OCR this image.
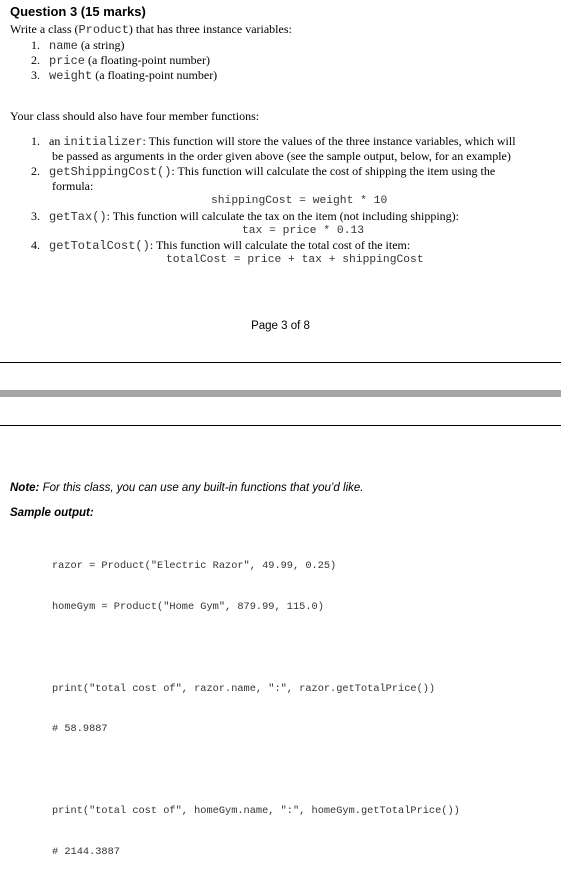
Question 3 (15 marks)
Write a class (Product) that has three instance variables:
1. name (a string)
2. price (a floating-point number)
3. weight (a floating-point number)
Your class should also have four member functions:
1. an initializer: This function will store the values of the three instance variables, which will
be passed as arguments in the order given above (see the sample output, below, for an example)
2. getShippingCost(): This function will calculate the cost of shipping the item using the
formula:
shippingCost = weight * 10
3. getTax(): This function will calculate the tax on the item (not including shipping):
tax = price * 0.13
4. getTotalCost(): This function will calculate the total cost of the item:
totalCost = price + tax + shippingCost
Page 3 of 8
Note: For this class, you can use any built-in functions that you’d like.
Sample output:

razor = Product("Electric Razor", 49.99, 0.25)

homeGym = Product("Home Gym", 879.99, 115.0)

print("total cost of", razor.name, ":", razor.getTotalPrice())

# 58.9887

print("total cost of", homeGym.name, ":", homeGym.getTotalPrice())

# 2144.3887
